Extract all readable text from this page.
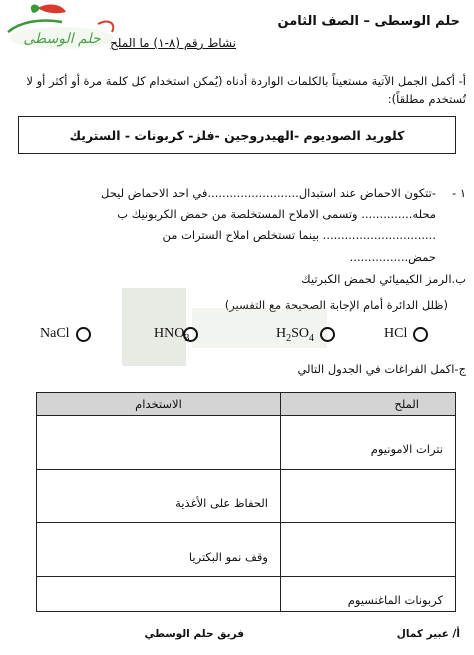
حلم الوسطى
حلم الوسطى – الصف الثامن
نشاط رقم (٨-١) ما الملح
أ- أكمل الجمل الآتية مستعيناً بالكلمات الواردة أدناه (يُمكن استخدام كل كلمة مرة أو أكثر أو لا تُستخدم مطلقاً):
كلوريد الصوديوم -الهيدروجين -فلز- كربونات - الستريك
١ -
-تتكون الاحماض عند استبدال.........................في احد الاحماض ليحل
محله.............. وتسمى الاملاح المستخلصة من حمض الكربونيك ب
............................... بينما تستخلص املاح السترات من
حمض................
ب.الرمز الكيميائي لحمض الكبرتيك
(ظلل الدائرة أمام الإجابة الصحيحة مع التفسير)
NaCl	$HNO_3$	$H_2SO_4$	HCl
ج-اكمل الفراغات في الجدول التالي
الملح	الاستخدام
نترات الامونيوم	
	الحفاظ على الأغذية
	وقف نمو البكتريا
كربونات الماغنسيوم	
أ/ عبير كمال
فريق حلم الوسطي
